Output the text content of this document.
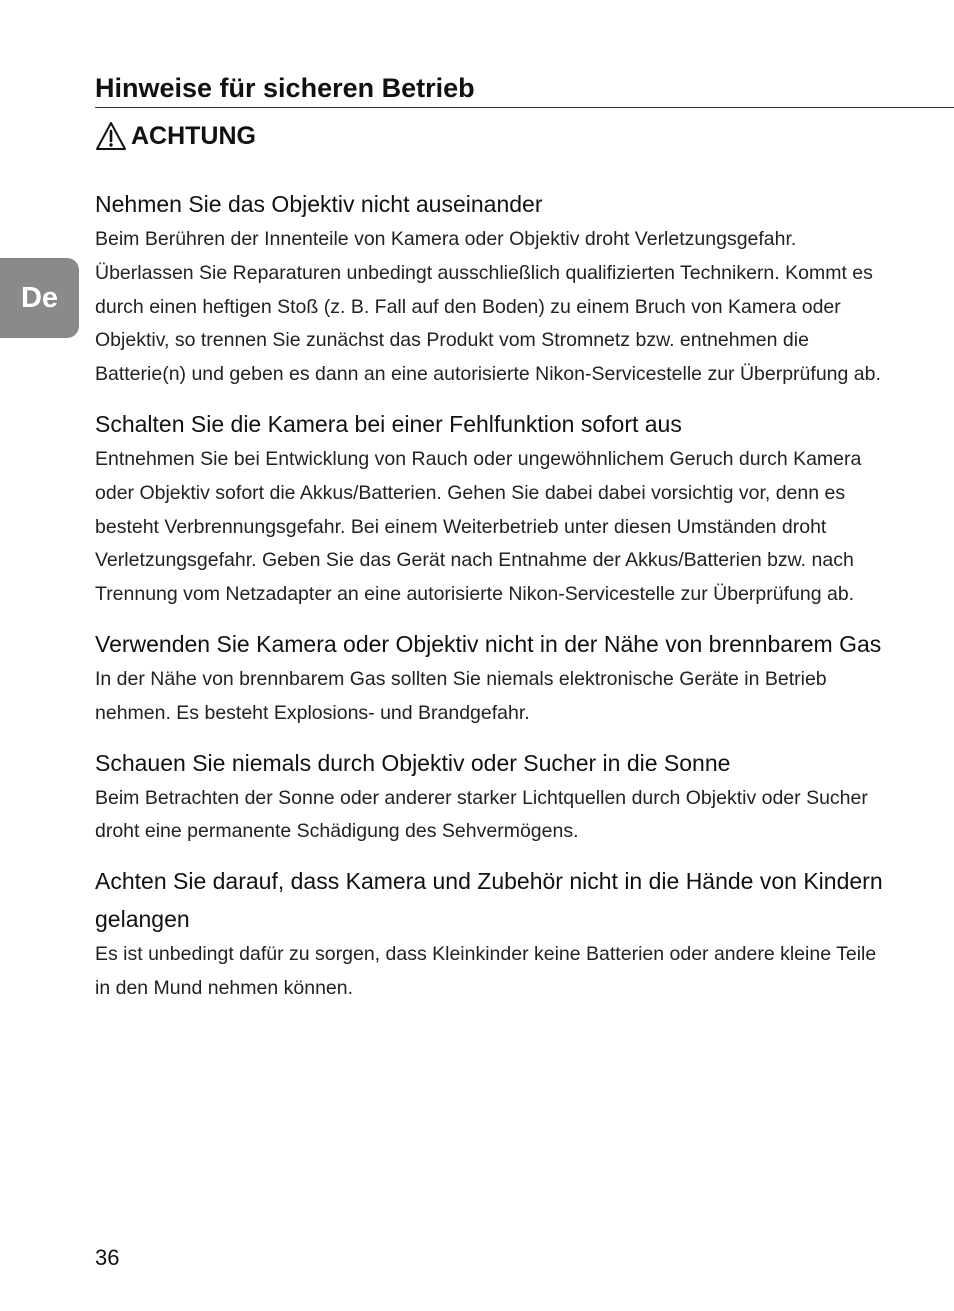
Hinweise für sicheren Betrieb
ACHTUNG
De
Nehmen Sie das Objektiv nicht auseinander

Beim Berühren der Innenteile von Kamera oder Objektiv droht Verletzungsgefahr. Überlassen Sie Reparaturen unbedingt ausschließlich qualifizierten Technikern. Kommt es durch einen heftigen Stoß (z. B. Fall auf den Boden) zu einem Bruch von Kamera oder Objektiv, so trennen Sie zunächst das Produkt vom Stromnetz bzw. entnehmen die Batterie(n) und geben es dann an eine autorisierte Nikon-Servicestelle zur Überprüfung ab.

Schalten Sie die Kamera bei einer Fehlfunktion sofort aus

Entnehmen Sie bei Entwicklung von Rauch oder ungewöhnlichem Geruch durch Kamera oder Objektiv sofort die Akkus/Batterien. Gehen Sie dabei dabei vorsichtig vor, denn es besteht Verbrennungsgefahr. Bei einem Weiterbetrieb unter diesen Umständen droht Verletzungsgefahr. Geben Sie das Gerät nach Entnahme der Akkus/Batterien bzw. nach Trennung vom Netzadapter an eine autorisierte Nikon-Servicestelle zur Überprüfung ab.

Verwenden Sie Kamera oder Objektiv nicht in der Nähe von brennbarem Gas

In der Nähe von brennbarem Gas sollten Sie niemals elektronische Geräte in Betrieb nehmen. Es besteht Explosions- und Brandgefahr.

Schauen Sie niemals durch Objektiv oder Sucher in die Sonne

Beim Betrachten der Sonne oder anderer starker Lichtquellen durch Objektiv oder Sucher droht eine permanente Schädigung des Sehvermögens.

Achten Sie darauf, dass Kamera und Zubehör nicht in die Hände von Kindern gelangen

Es ist unbedingt dafür zu sorgen, dass Kleinkinder keine Batterien oder andere kleine Teile in den Mund nehmen können.

36
